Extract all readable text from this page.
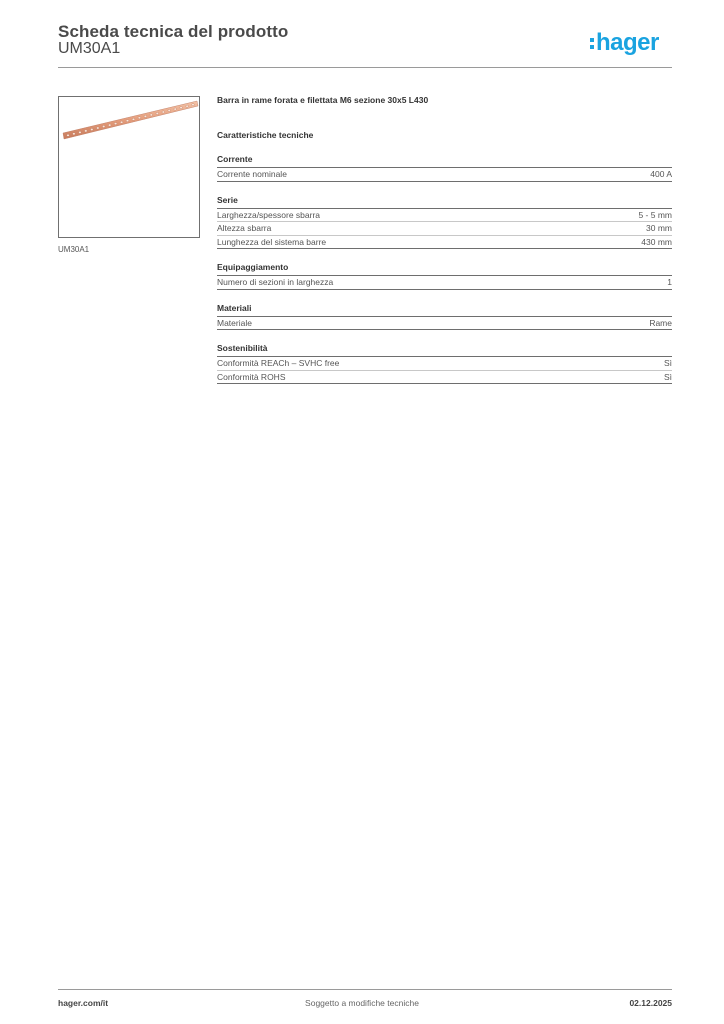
Scheda tecnica del prodotto
UM30A1	hager
UM30A1
Barra in rame forata e filettata M6 sezione 30x5 L430
Caratteristiche tecniche
Corrente
Corrente nominale	400 A
Serie
Larghezza/spessore sbarra	5 - 5 mm
Altezza sbarra	30 mm
Lunghezza del sistema barre	430 mm
Equipaggiamento
Numero di sezioni in larghezza	1
Materiali
Materiale	Rame
Sostenibilità
Conformità REACh – SVHC free	Sì
Conformità ROHS	Sì
hager.com/it	Soggetto a modifiche tecniche	02.12.2025
